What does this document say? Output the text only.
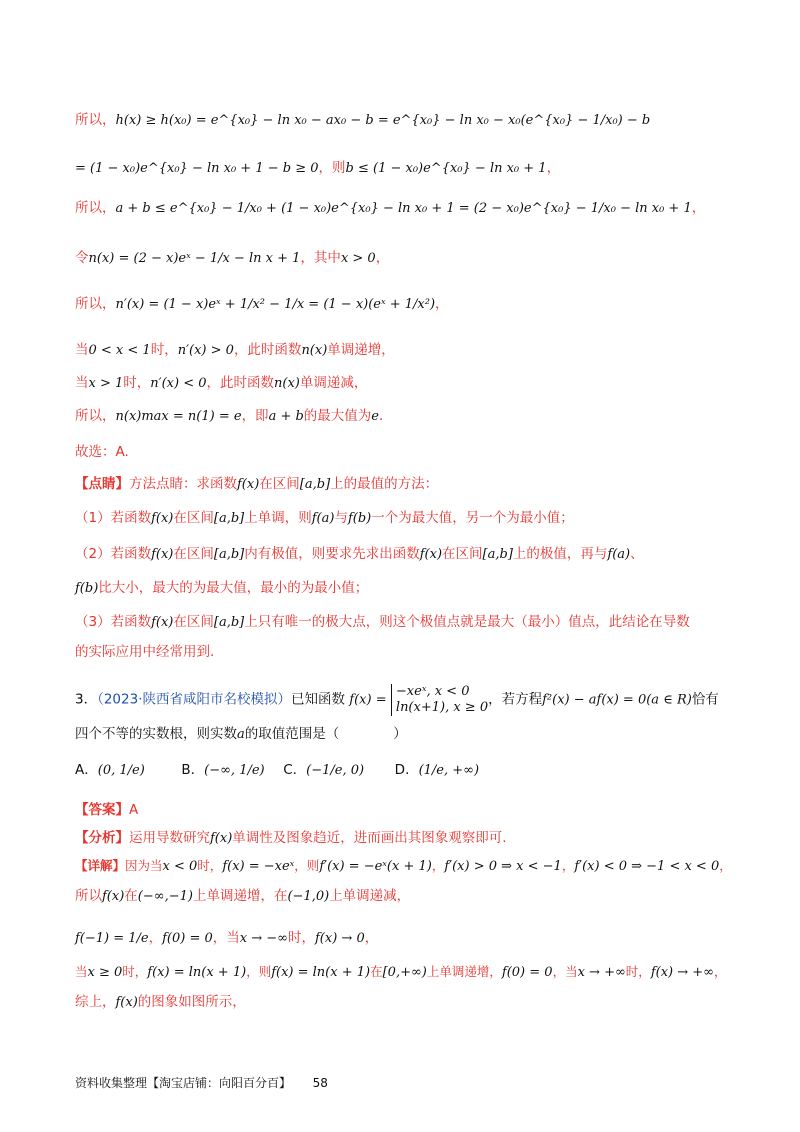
所以，h(x) ≥ h(x₀) = e^{x₀} − ln x₀ − ax₀ − b = e^{x₀} − ln x₀ − x₀(e^{x₀} − 1/x₀) − b
= (1 − x₀)e^{x₀} − ln x₀ + 1 − b ≥ 0，则b ≤ (1 − x₀)e^{x₀} − ln x₀ + 1，
所以，a + b ≤ e^{x₀} − 1/x₀ + (1 − x₀)e^{x₀} − ln x₀ + 1 = (2 − x₀)e^{x₀} − 1/x₀ − ln x₀ + 1，
令n(x) = (2 − x)eˣ − 1/x − ln x + 1，其中x > 0，
所以，n′(x) = (1 − x)eˣ + 1/x² − 1/x = (1 − x)(eˣ + 1/x²)，
当0 < x < 1时，n′(x) > 0，此时函数n(x)单调递增，
当x > 1时，n′(x) < 0，此时函数n(x)单调递减，
所以，n(x)max = n(1) = e，即a + b的最大值为e.
故选：A.
【点睛】方法点睛：求函数f(x)在区间[a,b]上的最值的方法：
（1）若函数f(x)在区间[a,b]上单调，则f(a)与f(b)一个为最大值，另一个为最小值；
（2）若函数f(x)在区间[a,b]内有极值，则要求先求出函数f(x)在区间[a,b]上的极值，再与f(a)、
f(b)比大小，最大的为最大值，最小的为最小值；
（3）若函数f(x)在区间[a,b]上只有唯一的极大点，则这个极值点就是最大（最小）值点，此结论在导数
的实际应用中经常用到.
3．（2023·陕西省咸阳市名校模拟）已知函数 f(x) =
−xeˣ, x < 0
ln(x+1), x ≥ 0 ，若方程f²(x) − af(x) = 0(a ∈ R)恰有
四个不等的实数根，则实数a的取值范围是（　　　　）
A．(0, 1/e)	B．(−∞, 1/e) C．(−1/e, 0) D．(1/e, +∞)
【答案】A
【分析】运用导数研究f(x)单调性及图象趋近，进而画出其图象观察即可.
【详解】因为当x < 0时，f(x) = −xeˣ，则f′(x) = −eˣ(x + 1)，f′(x) > 0 ⇒ x < −1，f′(x) < 0 ⇒ −1 < x < 0，
所以f(x)在(−∞,−1)上单调递增，在(−1,0)上单调递减，
f(−1) = 1/e，f(0) = 0，当x → −∞时，f(x) → 0，
当x ≥ 0时，f(x) = ln(x + 1)，则f(x) = ln(x + 1)在[0,+∞)上单调递增，f(0) = 0，当x → +∞时，f(x) → +∞，
综上，f(x)的图象如图所示，
资料收集整理【淘宝店铺：向阳百分百】 58
